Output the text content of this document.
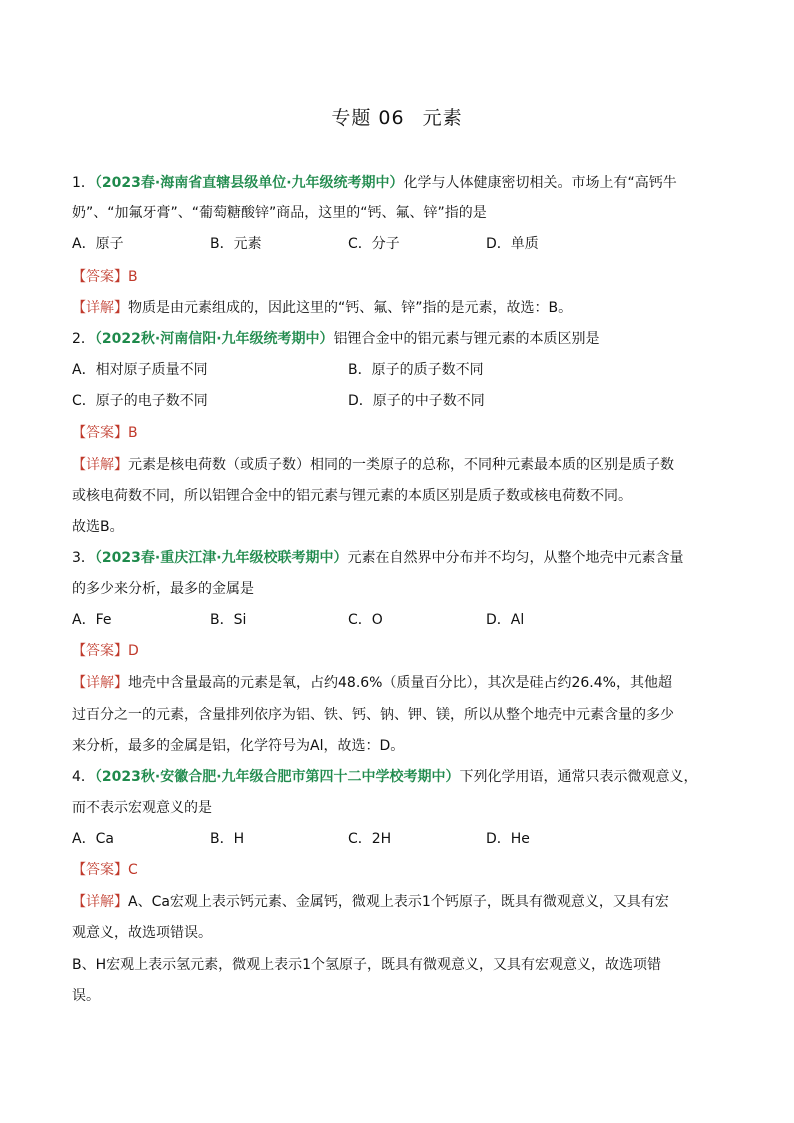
专题 06 元素
1．（2023春·海南省直辖县级单位·九年级统考期中）化学与人体健康密切相关。市场上有“高钙牛
奶”、“加氟牙膏”、“葡萄糖酸锌”商品，这里的“钙、氟、锌”指的是
A．原子	B．元素	C．分子	D．单质
【答案】B
【详解】物质是由元素组成的，因此这里的“钙、氟、锌”指的是元素，故选：B。
2．（2022秋·河南信阳·九年级统考期中）铝锂合金中的铝元素与锂元素的本质区别是
A．相对原子质量不同	B．原子的质子数不同
C．原子的电子数不同	D．原子的中子数不同
【答案】B
【详解】元素是核电荷数（或质子数）相同的一类原子的总称，不同种元素最本质的区别是质子数
或核电荷数不同，所以铝锂合金中的铝元素与锂元素的本质区别是质子数或核电荷数不同。
故选B。
3．（2023春·重庆江津·九年级校联考期中）元素在自然界中分布并不均匀，从整个地壳中元素含量
的多少来分析，最多的金属是
A．Fe	B．Si	C．O	D．Al
【答案】D
【详解】地壳中含量最高的元素是氧，占约48.6%（质量百分比），其次是硅占约26.4%，其他超
过百分之一的元素，含量排列依序为铝、铁、钙、钠、钾、镁，所以从整个地壳中元素含量的多少
来分析，最多的金属是铝，化学符号为Al，故选：D。
4．（2023秋·安徽合肥·九年级合肥市第四十二中学校考期中）下列化学用语，通常只表示微观意义，
而不表示宏观意义的是
A．Ca	B．H	C．2H	D．He
【答案】C
【详解】A、Ca宏观上表示钙元素、金属钙，微观上表示1个钙原子，既具有微观意义，又具有宏
观意义，故选项错误。
B、H宏观上表示氢元素，微观上表示1个氢原子，既具有微观意义，又具有宏观意义，故选项错
误。
